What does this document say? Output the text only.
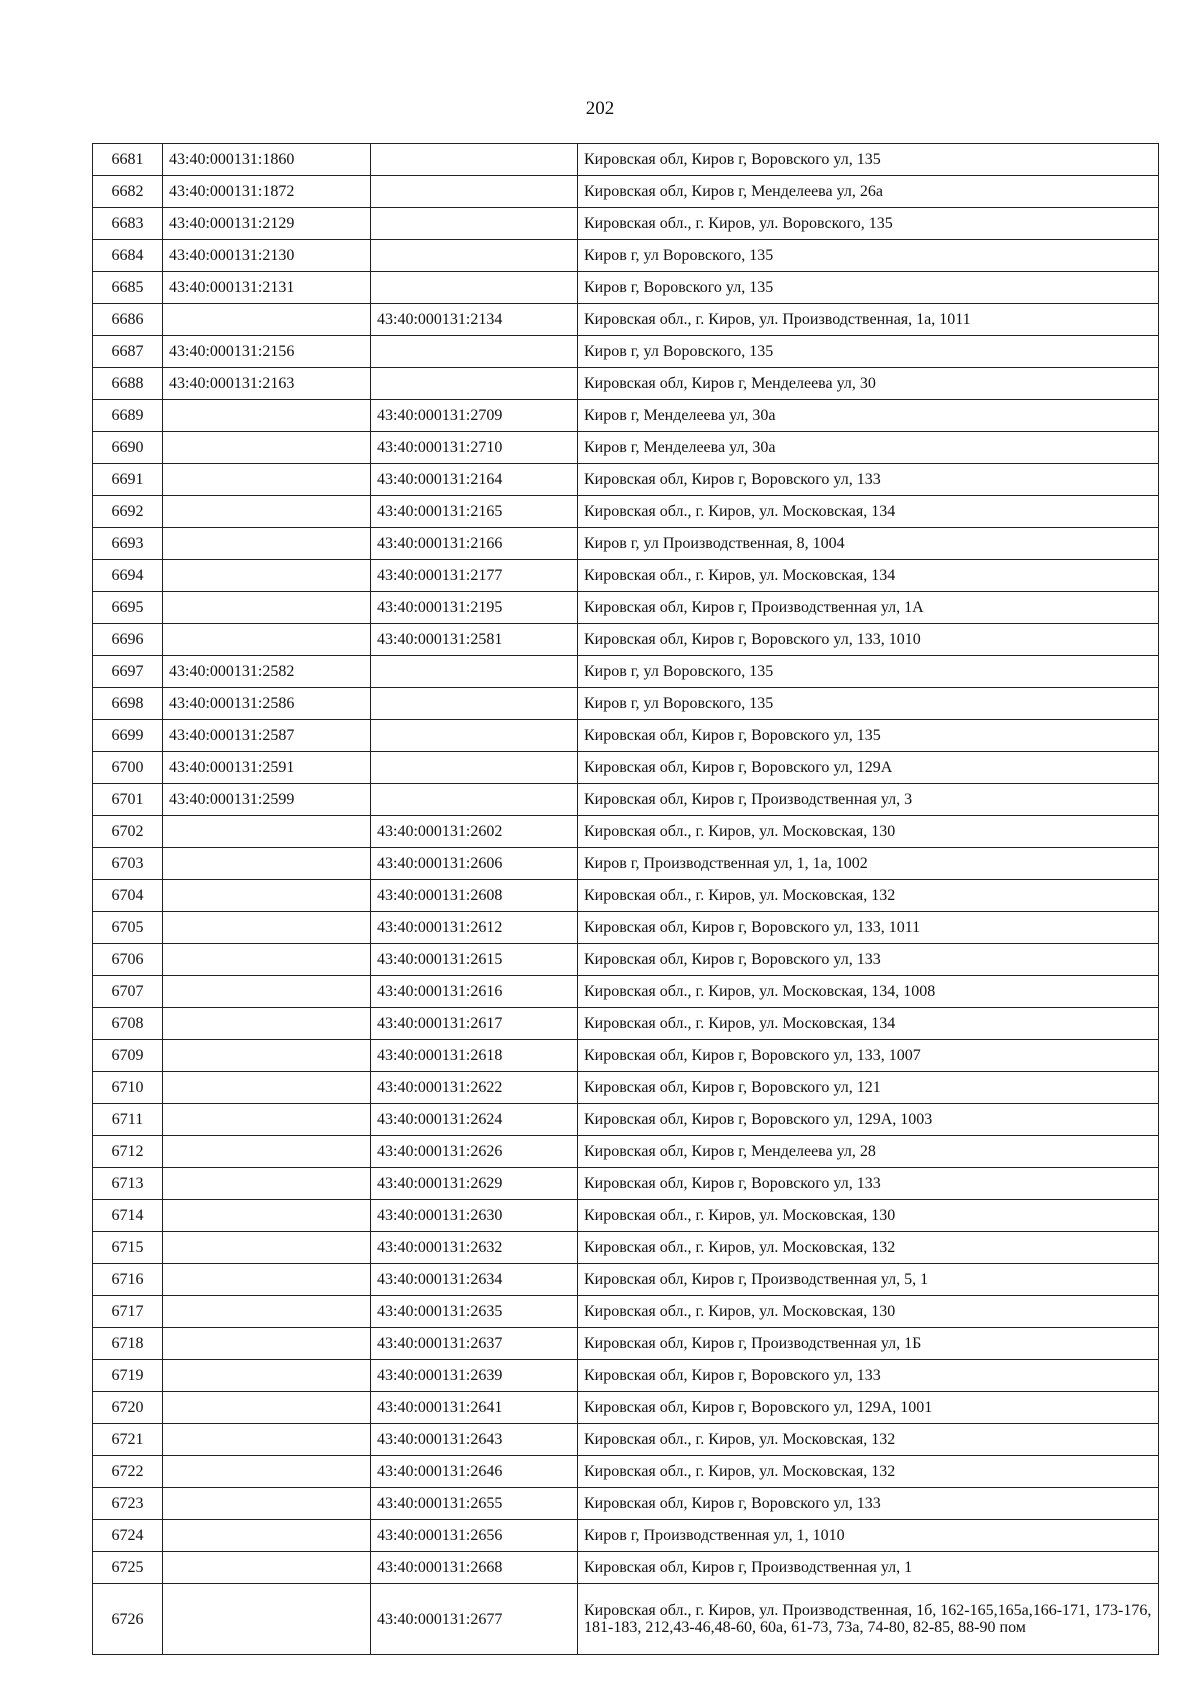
202
6681	43:40:000131:1860		Кировская обл, Киров г, Воровского ул, 135
6682	43:40:000131:1872		Кировская обл, Киров г, Менделеева ул, 26а
6683	43:40:000131:2129		Кировская обл., г. Киров, ул. Воровского, 135
6684	43:40:000131:2130		Киров г, ул Воровского, 135
6685	43:40:000131:2131		Киров г, Воровского ул, 135
6686		43:40:000131:2134	Кировская обл., г. Киров, ул. Производственная, 1а, 1011
6687	43:40:000131:2156		Киров г, ул Воровского, 135
6688	43:40:000131:2163		Кировская обл, Киров г, Менделеева ул, 30
6689		43:40:000131:2709	Киров г, Менделеева ул, 30а
6690		43:40:000131:2710	Киров г, Менделеева ул, 30а
6691		43:40:000131:2164	Кировская обл, Киров г, Воровского ул, 133
6692		43:40:000131:2165	Кировская обл., г. Киров, ул. Московская, 134
6693		43:40:000131:2166	Киров г, ул Производственная, 8, 1004
6694		43:40:000131:2177	Кировская обл., г. Киров, ул. Московская, 134
6695		43:40:000131:2195	Кировская обл, Киров г, Производственная ул, 1А
6696		43:40:000131:2581	Кировская обл, Киров г, Воровского ул, 133, 1010
6697	43:40:000131:2582		Киров г, ул Воровского, 135
6698	43:40:000131:2586		Киров г, ул Воровского, 135
6699	43:40:000131:2587		Кировская обл, Киров г, Воровского ул, 135
6700	43:40:000131:2591		Кировская обл, Киров г, Воровского ул, 129А
6701	43:40:000131:2599		Кировская обл, Киров г, Производственная ул, 3
6702		43:40:000131:2602	Кировская обл., г. Киров, ул. Московская, 130
6703		43:40:000131:2606	Киров г, Производственная ул, 1, 1а, 1002
6704		43:40:000131:2608	Кировская обл., г. Киров, ул. Московская, 132
6705		43:40:000131:2612	Кировская обл, Киров г, Воровского ул, 133, 1011
6706		43:40:000131:2615	Кировская обл, Киров г, Воровского ул, 133
6707		43:40:000131:2616	Кировская обл., г. Киров, ул. Московская, 134, 1008
6708		43:40:000131:2617	Кировская обл., г. Киров, ул. Московская, 134
6709		43:40:000131:2618	Кировская обл, Киров г, Воровского ул, 133, 1007
6710		43:40:000131:2622	Кировская обл, Киров г, Воровского ул, 121
6711		43:40:000131:2624	Кировская обл, Киров г, Воровского ул, 129А, 1003
6712		43:40:000131:2626	Кировская обл, Киров г, Менделеева ул, 28
6713		43:40:000131:2629	Кировская обл, Киров г, Воровского ул, 133
6714		43:40:000131:2630	Кировская обл., г. Киров, ул. Московская, 130
6715		43:40:000131:2632	Кировская обл., г. Киров, ул. Московская, 132
6716		43:40:000131:2634	Кировская обл, Киров г, Производственная ул, 5, 1
6717		43:40:000131:2635	Кировская обл., г. Киров, ул. Московская, 130
6718		43:40:000131:2637	Кировская обл, Киров г, Производственная ул, 1Б
6719		43:40:000131:2639	Кировская обл, Киров г, Воровского ул, 133
6720		43:40:000131:2641	Кировская обл, Киров г, Воровского ул, 129А, 1001
6721		43:40:000131:2643	Кировская обл., г. Киров, ул. Московская, 132
6722		43:40:000131:2646	Кировская обл., г. Киров, ул. Московская, 132
6723		43:40:000131:2655	Кировская обл, Киров г, Воровского ул, 133
6724		43:40:000131:2656	Киров г, Производственная ул, 1, 1010
6725		43:40:000131:2668	Кировская обл, Киров г, Производственная ул, 1
6726		43:40:000131:2677	Кировская обл., г. Киров, ул. Производственная, 1б, 162-165,165а,166-171, 173-176, 181-183, 212,43-46,48-60, 60а, 61-73, 73а, 74-80, 82-85, 88-90 пом
